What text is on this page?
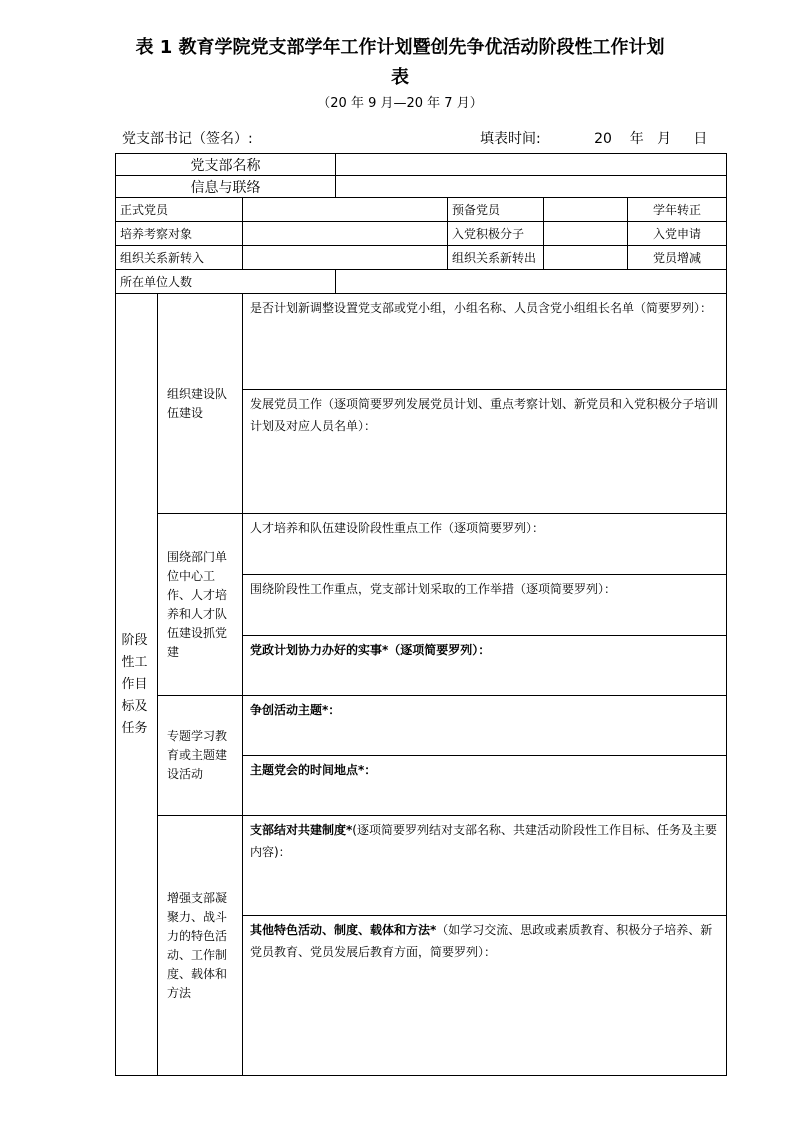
表 1 教育学院党支部学年工作计划暨创先争优活动阶段性工作计划
表
（20 年 9 月—20 年 7 月）
党支部书记（签名）:	填表时间:            20    年   月     日
党支部名称						
信息与联络						
正式党员				预备党员		学年转正
培养考察对象				入党积极分子		入党申请
组织关系新转入				组织关系新转出		党员增减
所在单位人数						
阶段性工作目标及任务	组织建设队伍建设	是否计划新调整设置党支部或党小组，小组名称、人员含党小组组长名单（简要罗列）：				
		发展党员工作（逐项简要罗列发展党员计划、重点考察计划、新党员和入党积极分子培训计划及对应人员名单）：				

	围绕部门单位中心工作、人才培养和人才队伍建设抓党建	人才培养和队伍建设阶段性重点工作（逐项简要罗列）：				
		围绕阶段性工作重点，党支部计划采取的工作举措（逐项简要罗列）：				
		党政计划协力办好的实事*（逐项简要罗列）：				

	专题学习教育或主题建设活动	争创活动主题*：				
		主题党会的时间地点*：				

	增强支部凝聚力、战斗力的特色活动、工作制度、载体和方法	支部结对共建制度*(逐项简要罗列结对支部名称、共建活动阶段性工作目标、任务及主要内容)：				
		其他特色活动、制度、载体和方法*（如学习交流、思政或素质教育、积极分子培养、新党员教育、党员发展后教育方面，简要罗列）：				
